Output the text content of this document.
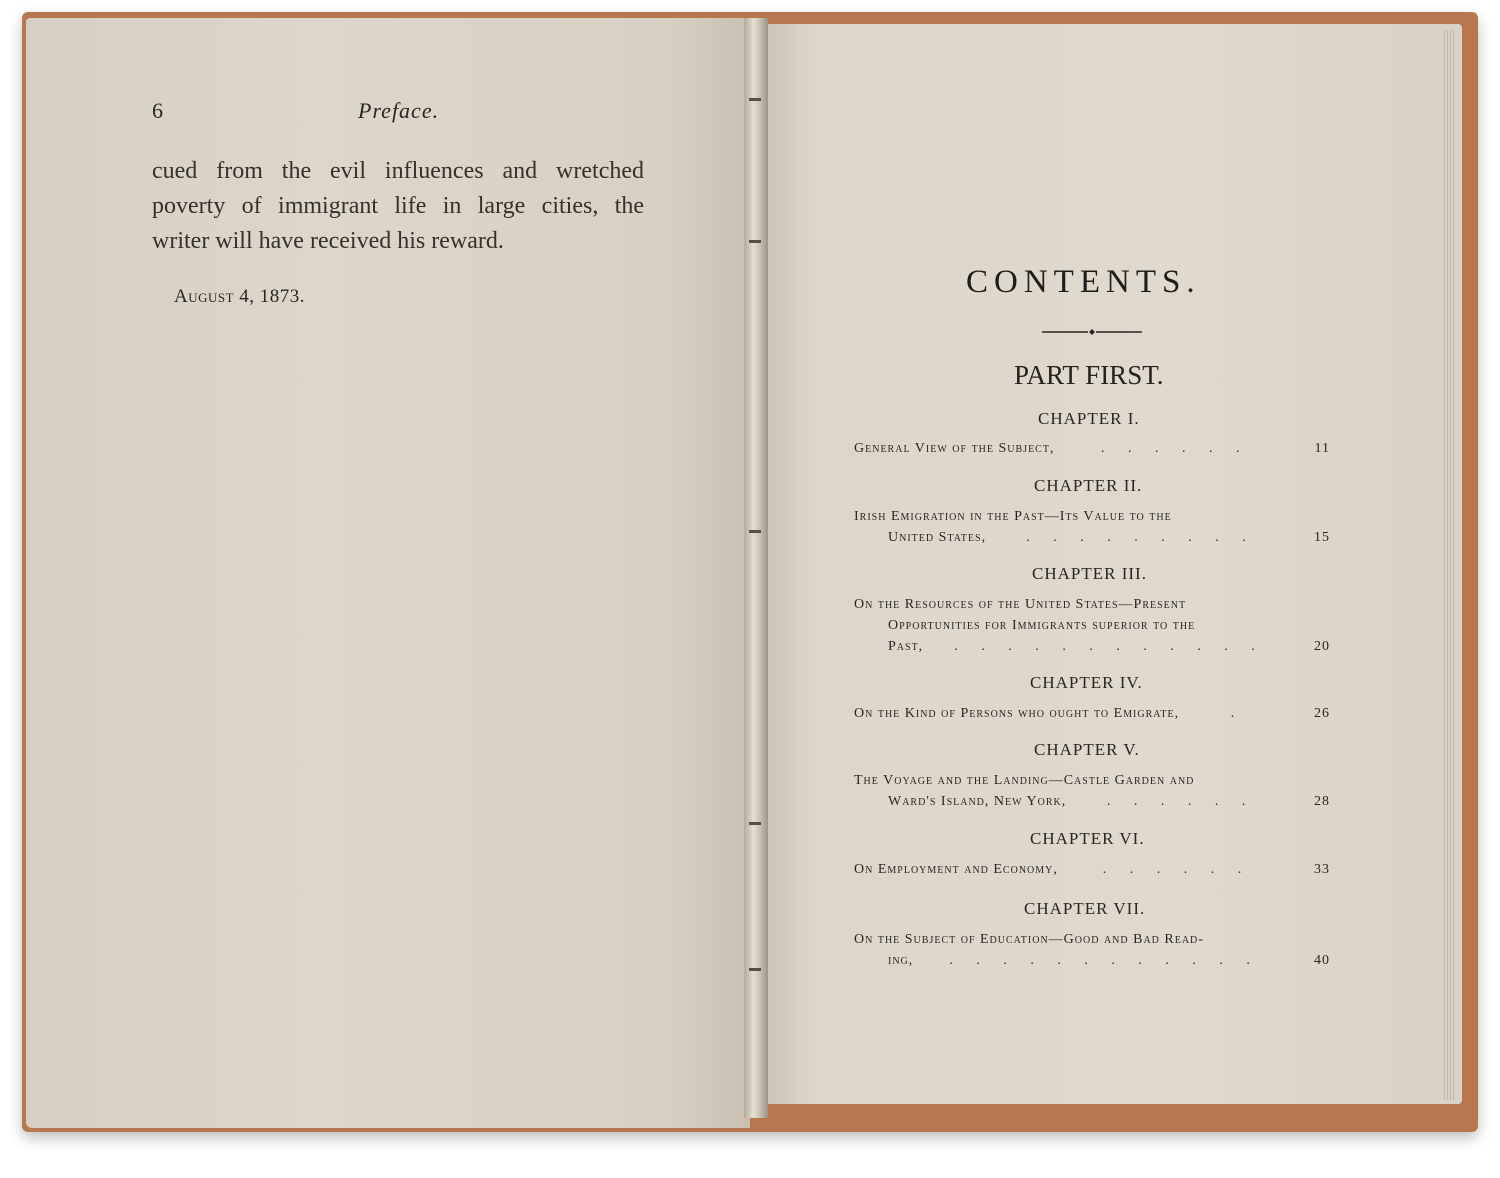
6	Preface.
cued from the evil influences and wretched
poverty of immigrant life in large cities, the
writer will have received his reward.
August 4, 1873.	CONTENTS.
PART FIRST.
CHAPTER I.
General View of the Subject,	. . . . . .	11
CHAPTER II.
Irish Emigration in the Past—Its Value to the
United States,	. . . . . . . . .	15
CHAPTER III.
On the Resources of the United States—Present
Opportunities for Immigrants superior to the
Past, . . . . . . . . . . . .	20
CHAPTER IV.
On the Kind of Persons who ought to Emigrate,	.	26
CHAPTER V.
The Voyage and the Landing—Castle Garden and
Ward's Island, New York,	. . . . . .	28
CHAPTER VI.
On Employment and Economy,	. . . . . .	33
CHAPTER VII.
On the Subject of Education—Good and Bad Read-
ing,	. . . . . . . . . . . .	40
